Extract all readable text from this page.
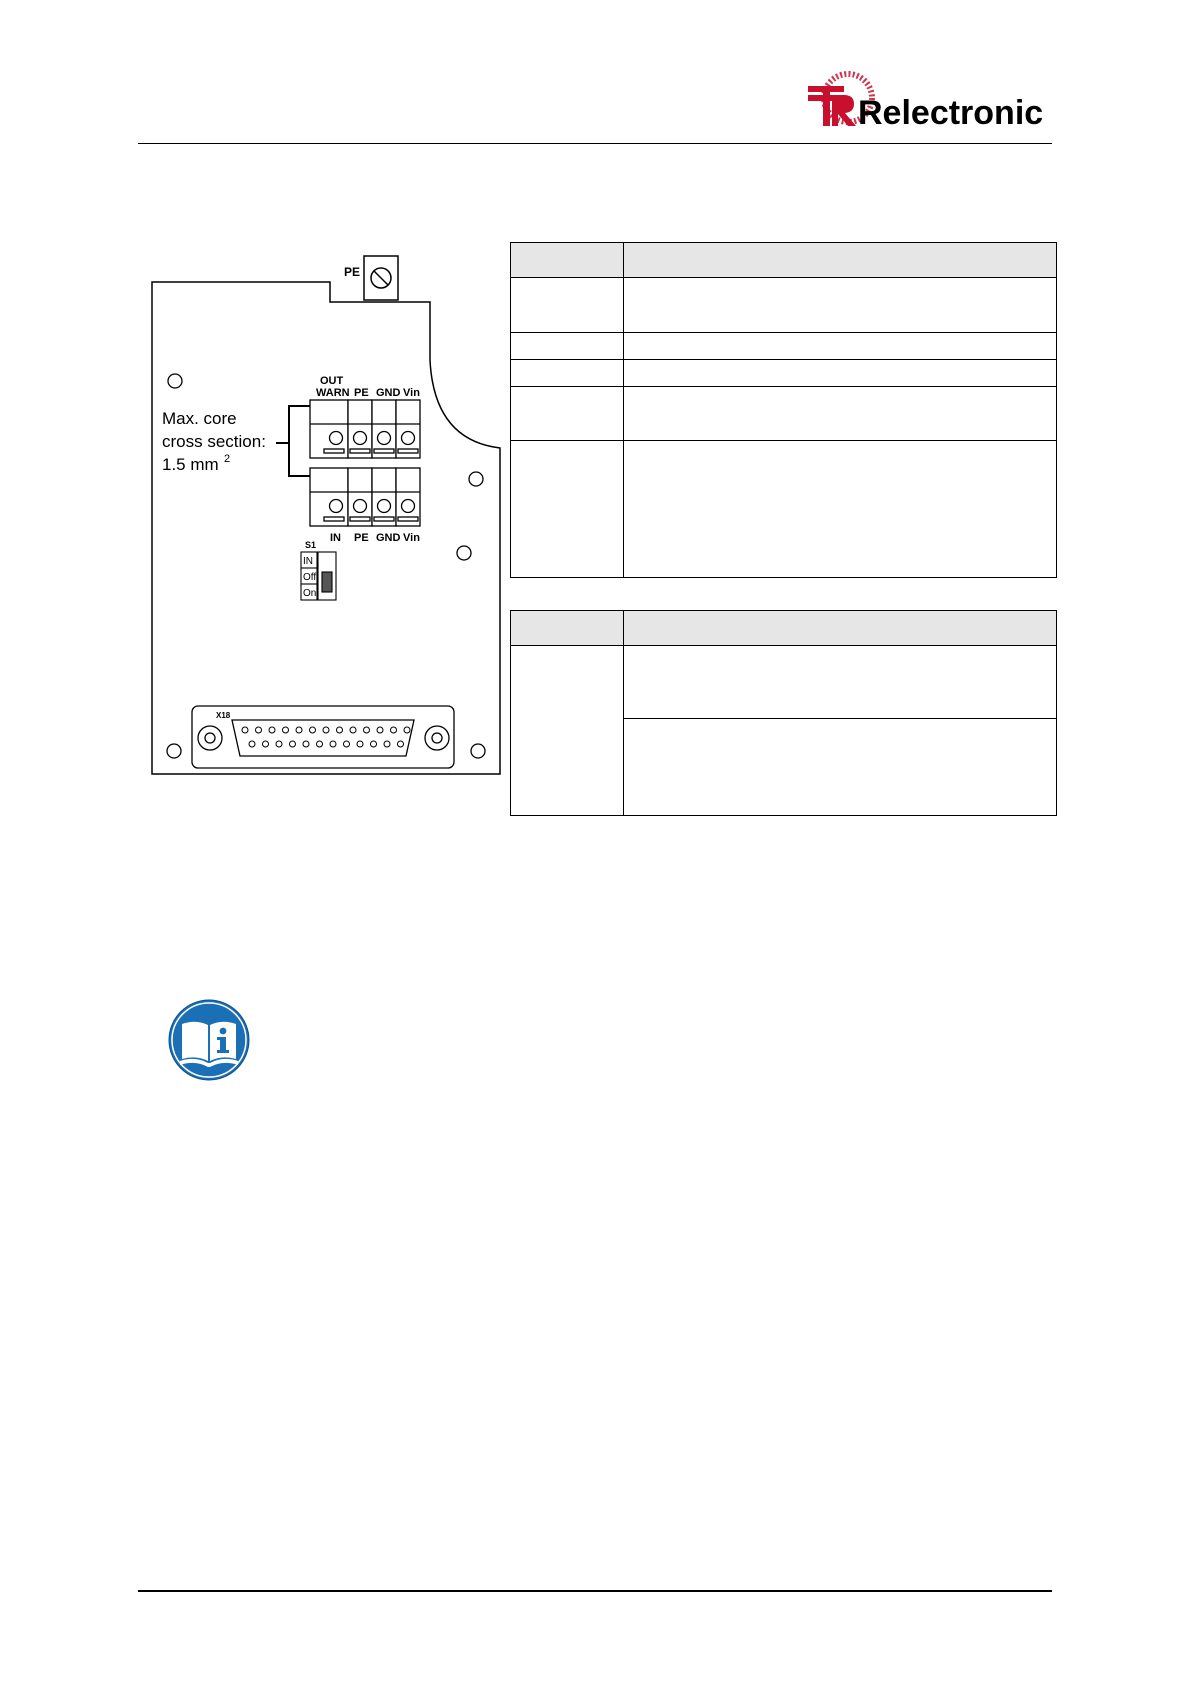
Relectronic
PE
Max. core
cross section:
1.5 mm 2
OUT
WARN PE GND Vin
IN PE GND Vin
S1
IN
Off
On
X18
